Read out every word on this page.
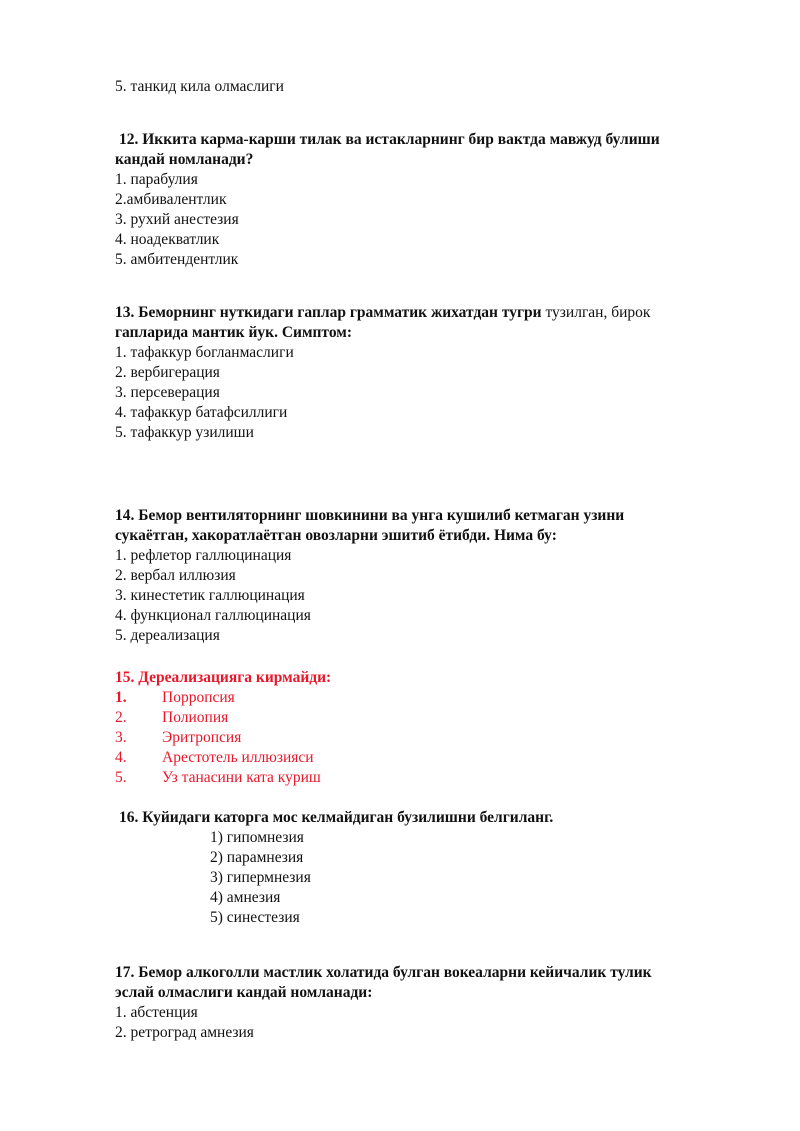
5. танкид кила олмаслиги
12. Иккита карма-карши тилак ва истакларнинг бир вактда мавжуд булиши
кандай номланади?
1. парабулия
2.амбивалентлик
3. рухий анестезия
4. ноадекватлик
5. амбитендентлик
13. Беморнинг нуткидаги гаплар грамматик жихатдан тугри тузилган, бирок
гапларида мантик йук. Симптом:
1. тафаккур богланмаслиги
2. вербигерация
3. персеверация
4. тафаккур батафсиллиги
5. тафаккур узилиши
14. Бемор вентиляторнинг шовкинини ва унга кушилиб кетмаган узини
сукаётган, хакоратлаётган овозларни эшитиб ётибди. Нима бу:
1. рефлетор галлюцинация
2. вербал иллюзия
3. кинестетик галлюцинация
4. функционал галлюцинация
5. дереализация
15. Дереализацияга кирмайди:
1. Порропсия
2. Полиопия
3. Эритропсия
4. Арестотель иллюзияси
5. Уз танасини ката куриш
16. Куйидаги каторга мос келмайдиган бузилишни белгиланг.
1) гипомнезия
2) парамнезия
3) гипермнезия
4) амнезия
5) синестезия
17. Бемор алкоголли мастлик холатида булган вокеаларни кейичалик тулик
эслай олмаслиги кандай номланади:
1. абстенция
2. ретроград амнезия
